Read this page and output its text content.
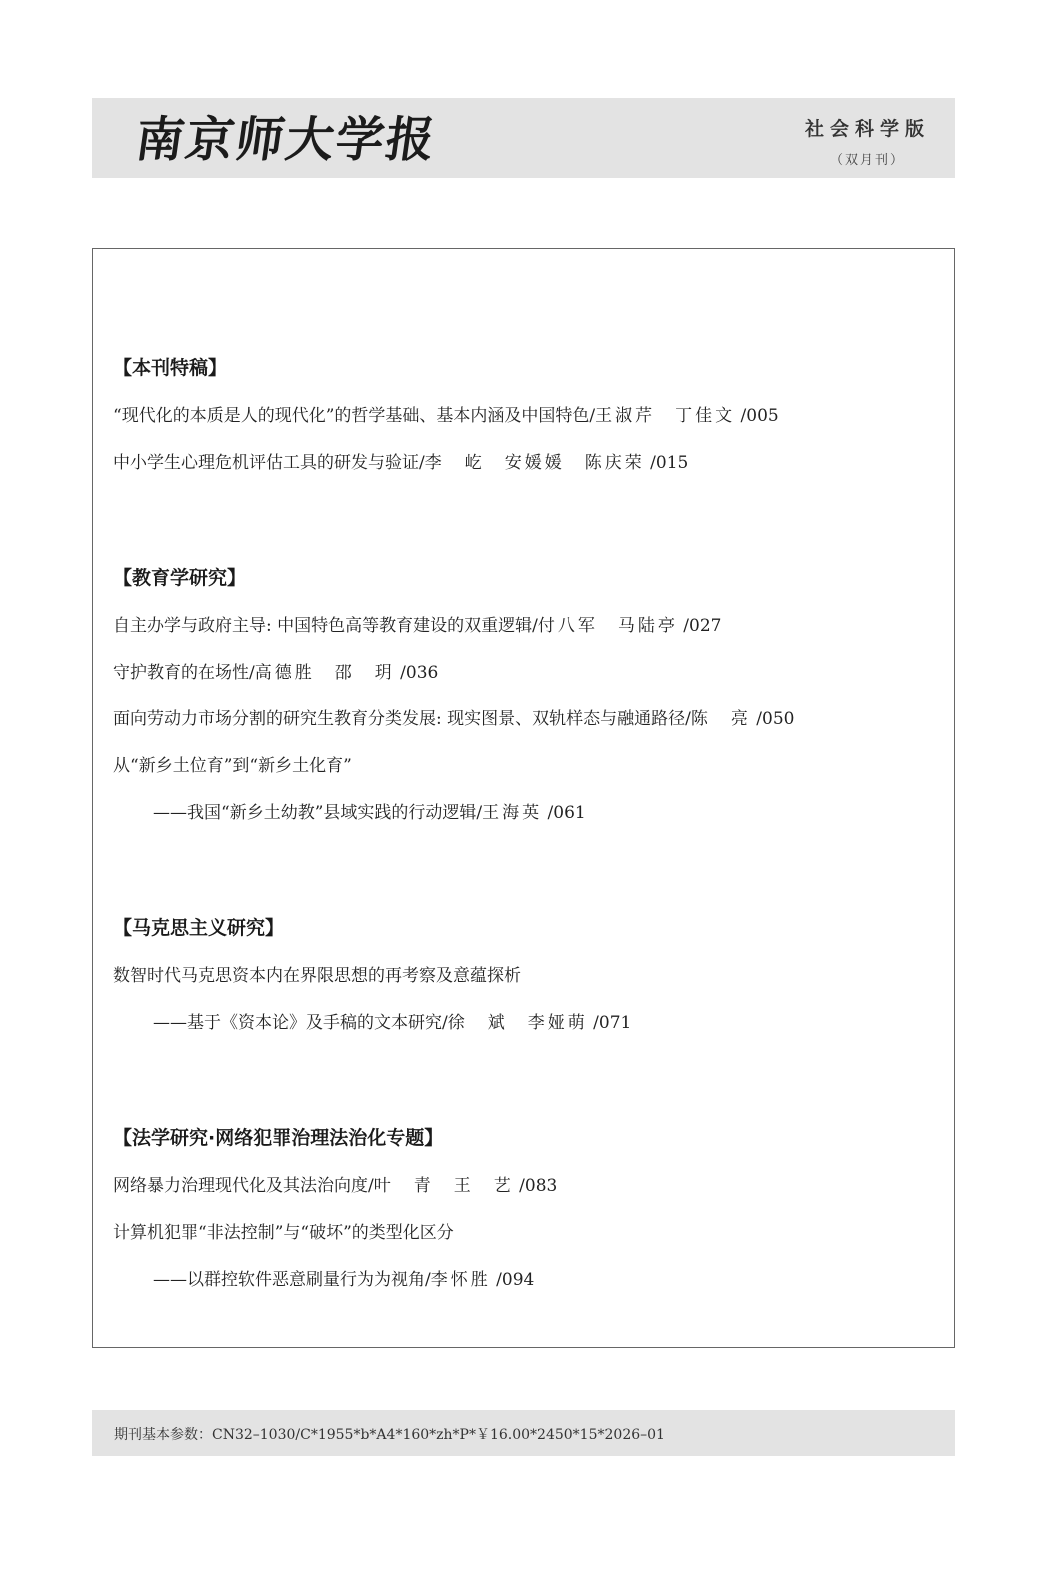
南京师大学报	社会科学版
（双月刊）
【本刊特稿】
“现代化的本质是人的现代化”的哲学基础、基本内涵及中国特色/王淑芹　丁佳文 /005
中小学生心理危机评估工具的研发与验证/李　屹　安媛媛　陈庆荣 /015
【教育学研究】
自主办学与政府主导: 中国特色高等教育建设的双重逻辑/付八军　马陆亭 /027
守护教育的在场性/高德胜　邵　玥 /036
面向劳动力市场分割的研究生教育分类发展: 现实图景、双轨样态与融通路径/陈　亮 /050
从“新乡土位育”到“新乡土化育”
——我国“新乡土幼教”县域实践的行动逻辑/王海英 /061
【马克思主义研究】
数智时代马克思资本内在界限思想的再考察及意蕴探析
——基于《资本论》及手稿的文本研究/徐　斌　李娅萌 /071
【法学研究·网络犯罪治理法治化专题】
网络暴力治理现代化及其法治向度/叶　青　王　艺 /083
计算机犯罪“非法控制”与“破坏”的类型化区分
——以群控软件恶意刷量行为为视角/李怀胜 /094
期刊基本参数：CN32–1030/C*1955*b*A4*160*zh*P*￥16.00*2450*15*2026–01
